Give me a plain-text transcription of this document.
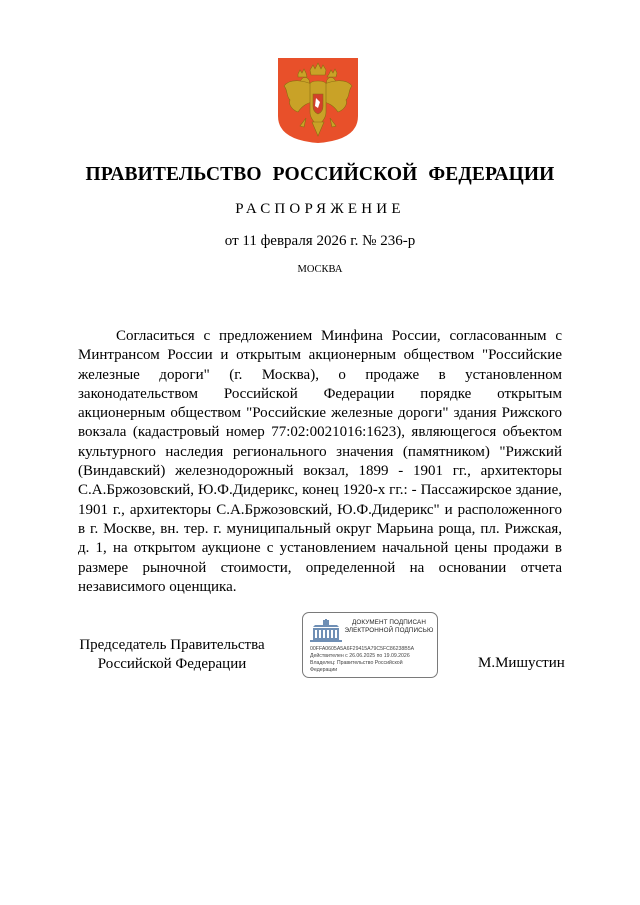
ПРАВИТЕЛЬСТВО РОССИЙСКОЙ ФЕДЕРАЦИИ
РАСПОРЯЖЕНИЕ
от 11 февраля 2026 г. № 236-р
МОСКВА

Согласиться с предложением Минфина России, согласованным с Минтрансом России и открытым акционерным обществом "Российские железные дороги" (г. Москва), о продаже в установленном законодательством Российской Федерации порядке открытым акционерным обществом "Российские железные дороги" здания Рижского вокзала (кадастровый номер 77:02:0021016:1623), являющегося объектом культурного наследия регионального значения (памятником) "Рижский (Виндавский) железнодорожный вокзал, 1899 - 1901 гг., архитекторы С.А.Бржозовский, Ю.Ф.Дидерикс, конец 1920-х гг.: - Пассажирское здание, 1901 г., архитекторы С.А.Бржозовский, Ю.Ф.Дидерикс" и расположенного в г. Москве, вн. тер. г. муниципальный округ Марьина роща, пл. Рижская, д. 1, на открытом аукционе с установлением начальной цены продажи в размере рыночной стоимости, определенной на основании отчета независимого оценщика.

Председатель Правительства
Российской Федерации
ДОКУМЕНТ ПОДПИСАН
ЭЛЕКТРОННОЙ ПОДПИСЬЮ
00FFA0605A5A6F29415A79C5FC86238B5A
Действителен с 26.06.2025 по 19.09.2026
Владелец: Правительство Российской
Федерации	М.Мишустин
